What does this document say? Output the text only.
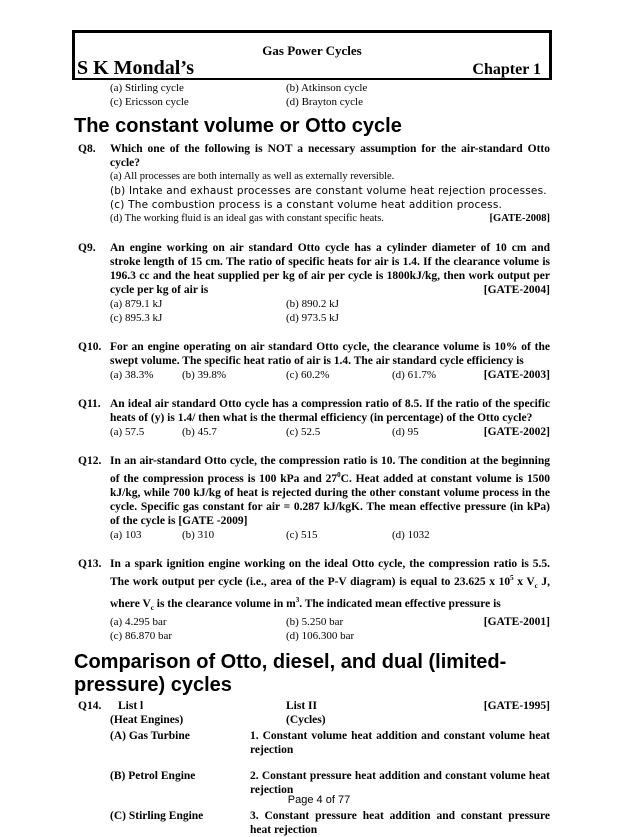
Gas Power Cycles
S K Mondal’s	Chapter 1
(a) Stirling cycle	(b) Atkinson cycle
(c) Ericsson cycle	(d) Brayton cycle
The constant volume or Otto cycle
Q8. Which one of the following is NOT a necessary assumption for the air-standard Otto cycle?
(a) All processes are both internally as well as externally reversible.
(b) Intake and exhaust processes are constant volume heat rejection processes.
(c) The combustion process is a constant volume heat addition process.
(d) The working fluid is an ideal gas with constant specific heats.	[GATE-2008]
Q9. An engine working on air standard Otto cycle has a cylinder diameter of 10 cm and stroke length of 15 cm. The ratio of specific heats for air is 1.4. If the clearance volume is 196.3 cc and the heat supplied per kg of air per cycle is 1800kJ/kg, then work output per cycle per kg of air is	[GATE-2004]
(a) 879.1 kJ	(b) 890.2 kJ
(c) 895.3 kJ	(d) 973.5 kJ
Q10. For an engine operating on air standard Otto cycle, the clearance volume is 10% of the swept volume. The specific heat ratio of air is 1.4. The air standard cycle efficiency is
[GATE-2003]
(a) 38.3%	(b) 39.8%	(c) 60.2%	(d) 61.7%
Q11. An ideal air standard Otto cycle has a compression ratio of 8.5. If the ratio of the specific heats of (y) is 1.4/ then what is the thermal efficiency (in percentage) of the Otto cycle?
[GATE-2002]
(a) 57.5	(b) 45.7	(c) 52.5	(d) 95
Q12. In an air-standard Otto cycle, the compression ratio is 10. The condition at the beginning of the compression process is 100 kPa and $27^0C$. Heat added at constant volume is 1500 kJ/kg, while 700 kJ/kg of heat is rejected during the other constant volume process in the cycle. Specific gas constant for air = 0.287 kJ/kgK. The mean effective pressure (in kPa) of the cycle is [GATE -2009]
(a) 103	(b) 310	(c) 515	(d) 1032
Q13. In a spark ignition engine working on the ideal Otto cycle, the compression ratio is 5.5. The work output per cycle (i.e., area of the P-V diagram) is equal to 23.625 x $10^5$ x $V_c$ J, where $V_c$ is the clearance volume in $m^3$. The indicated mean effective pressure is
[GATE-2001]
(a) 4.295 bar	(b) 5.250 bar
(c) 86.870 bar	(d) 106.300 bar
Comparison of Otto, diesel, and dual (limited-pressure) cycles
Q14. List l	List II	[GATE-1995]
(Heat Engines)	(Cycles)
(A) Gas Turbine	1. Constant volume heat addition and constant volume heat rejection
(B) Petrol Engine	2. Constant pressure heat addition and constant volume heat rejection
(C) Stirling Engine	3. Constant pressure heat addition and constant pressure heat rejection
Page 4 of 77
